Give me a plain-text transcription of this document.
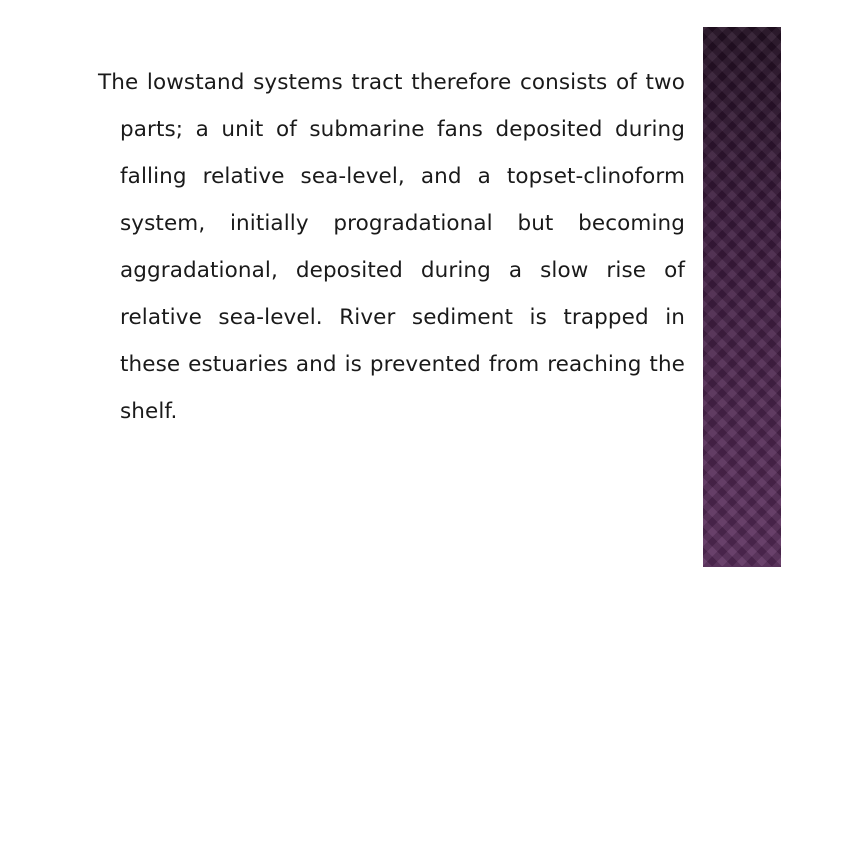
The lowstand systems tract therefore consists of two parts; a unit of submarine fans deposited during falling relative sea-level, and a topset-clinoform system, initially progradational but becoming aggradational, deposited during a slow rise of relative sea-level. River sediment is trapped in these estuaries and is prevented from reaching the shelf.
